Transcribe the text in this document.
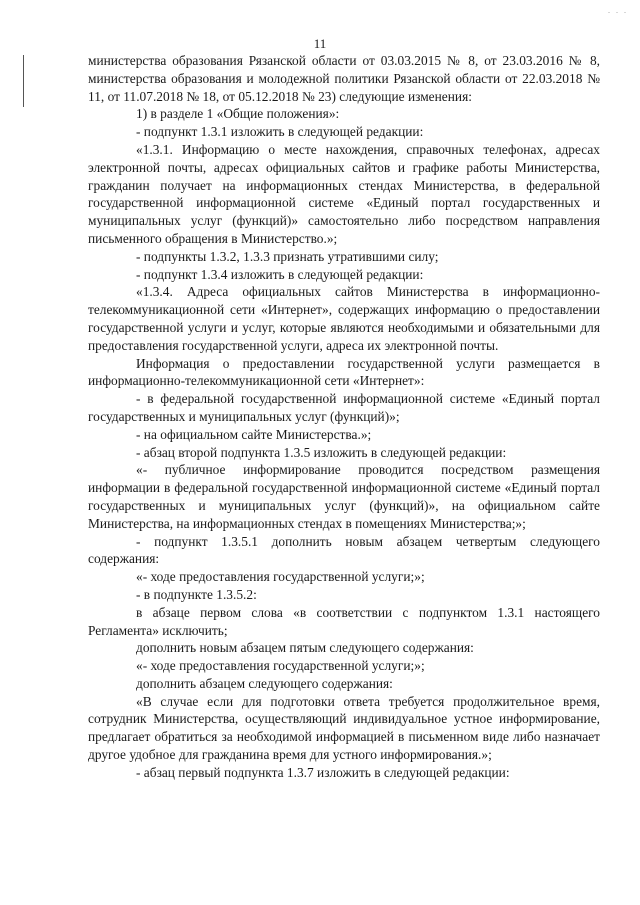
. . .
11

министерства образования Рязанской области от 03.03.2015 № 8, от 23.03.2016 № 8, министерства образования и молодежной политики Рязанской области от 22.03.2018 № 11, от 11.07.2018 № 18, от 05.12.2018 № 23) следующие изменения:

1) в разделе 1 «Общие положения»:

- подпункт 1.3.1 изложить в следующей редакции:

«1.3.1. Информацию о месте нахождения, справочных телефонах, адресах электронной почты, адресах официальных сайтов и графике работы Министерства, гражданин получает на информационных стендах Министерства, в федеральной государственной информационной системе «Единый портал государственных и муниципальных услуг (функций)» самостоятельно либо посредством направления письменного обращения в Министерство.»;

- подпункты 1.3.2, 1.3.3 признать утратившими силу;

- подпункт 1.3.4 изложить в следующей редакции:

«1.3.4. Адреса официальных сайтов Министерства в информационно-телекоммуникационной сети «Интернет», содержащих информацию о предоставлении государственной услуги и услуг, которые являются необходимыми и обязательными для предоставления государственной услуги, адреса их электронной почты.

Информация о предоставлении государственной услуги размещается в информационно-телекоммуникационной сети «Интернет»:

- в федеральной государственной информационной системе «Единый портал государственных и муниципальных услуг (функций)»;

- на официальном сайте Министерства.»;

- абзац второй подпункта 1.3.5 изложить в следующей редакции:

«- публичное информирование проводится посредством размещения информации в федеральной государственной информационной системе «Единый портал государственных и муниципальных услуг (функций)», на официальном сайте Министерства, на информационных стендах в помещениях Министерства;»;

- подпункт 1.3.5.1 дополнить новым абзацем четвертым следующего содержания:

«- ходе предоставления государственной услуги;»;

- в подпункте 1.3.5.2:

в абзаце первом слова «в соответствии с подпунктом 1.3.1 настоящего Регламента» исключить;

дополнить новым абзацем пятым следующего содержания:

«- ходе предоставления государственной услуги;»;

дополнить абзацем следующего содержания:

«В случае если для подготовки ответа требуется продолжительное время, сотрудник Министерства, осуществляющий индивидуальное устное информирование, предлагает обратиться за необходимой информацией в письменном виде либо назначает другое удобное для гражданина время для устного информирования.»;

- абзац первый подпункта 1.3.7 изложить в следующей редакции:
